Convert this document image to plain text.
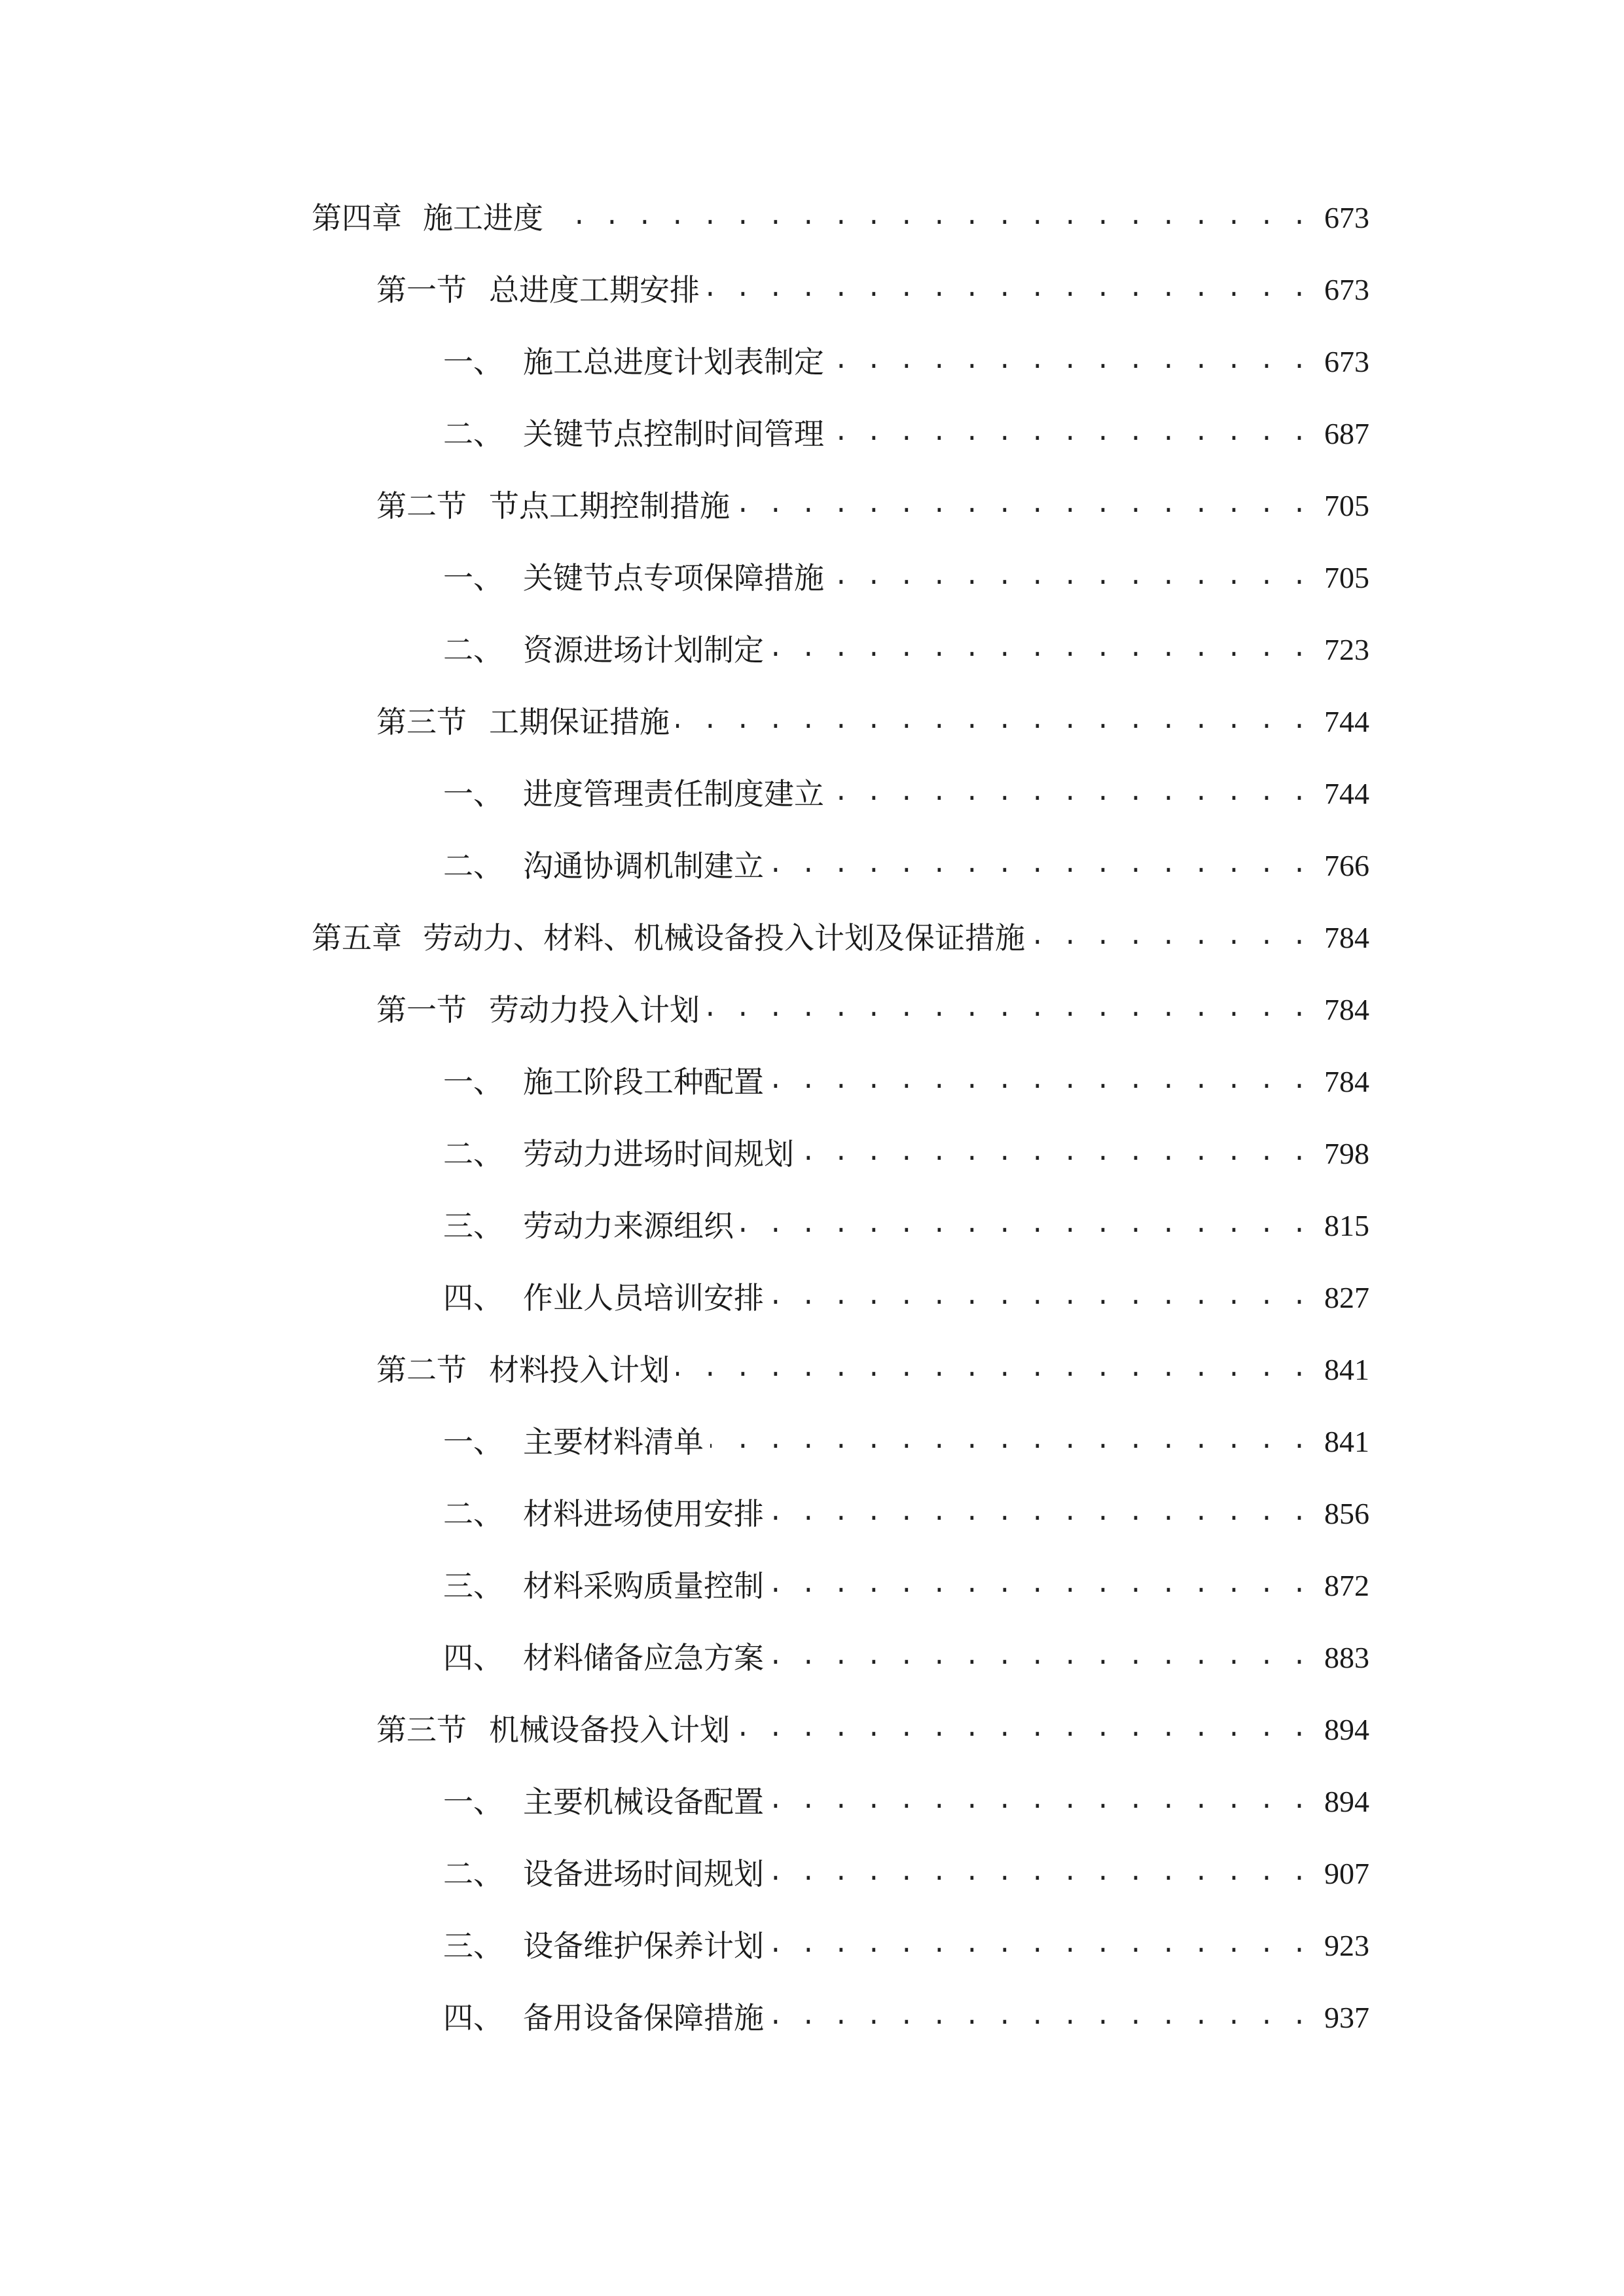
第四章 施工进度 . . .	673
第一节 总进度工期安排 . . .	673
一、 施工总进度计划表制定 . . .	673
二、 关键节点控制时间管理 . . .	687
第二节 节点工期控制措施 . . .	705
一、 关键节点专项保障措施 . . .	705
二、 资源进场计划制定 . . .	723
第三节 工期保证措施 . . .	744
一、 进度管理责任制度建立 . . .	744
二、 沟通协调机制建立 . . .	766
第五章 劳动力、材料、机械设备投入计划及保证措施 . . .	784
第一节 劳动力投入计划 . . .	784
一、 施工阶段工种配置 . . .	784
二、 劳动力进场时间规划 . . .	798
三、 劳动力来源组织 . . .	815
四、 作业人员培训安排 . . .	827
第二节 材料投入计划 . . .	841
一、 主要材料清单 . . .	841
二、 材料进场使用安排 . . .	856
三、 材料采购质量控制 . . .	872
四、 材料储备应急方案 . . .	883
第三节 机械设备投入计划 . . .	894
一、 主要机械设备配置 . . .	894
二、 设备进场时间规划 . . .	907
三、 设备维护保养计划 . . .	923
四、 备用设备保障措施 . . .	937
